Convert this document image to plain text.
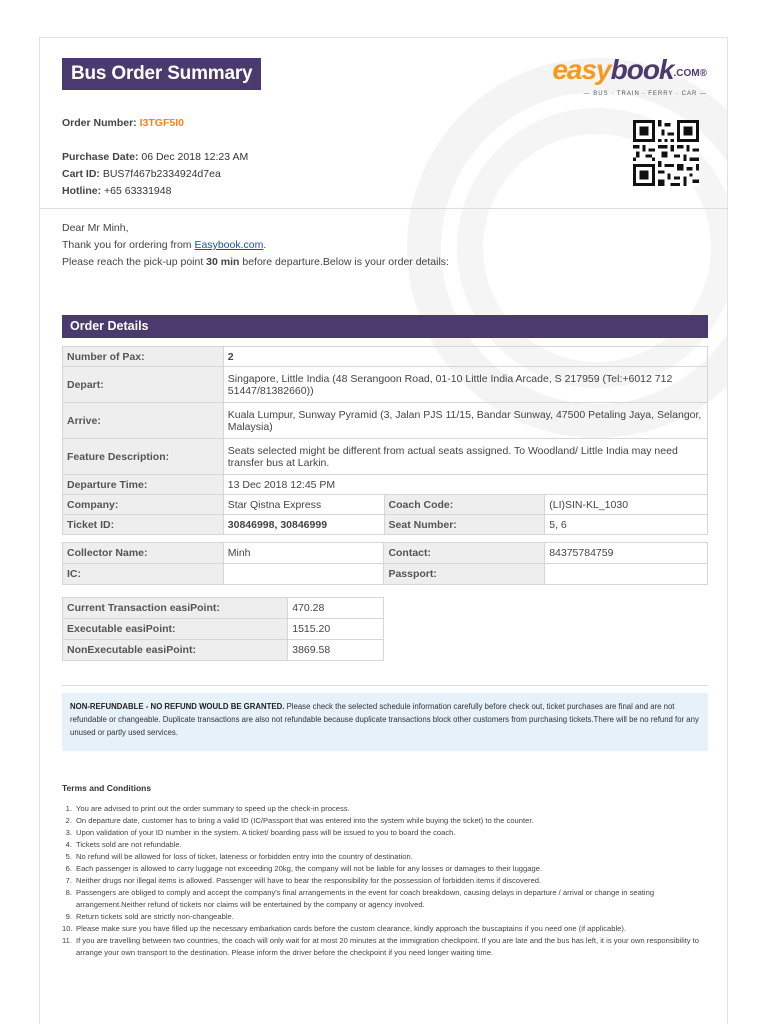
Bus Order Summary	easybook.COM®
— BUS · TRAIN · FERRY · CAR —
Order Number: I3TGF5I0
Purchase Date: 06 Dec 2018 12:23 AM
Cart ID: BUS7f467b2334924d7ea
Hotline: +65 63331948
Dear Mr Minh,
Thank you for ordering from Easybook.com.
Please reach the pick-up point 30 min before departure.Below is your order details:
Order Details
Number of Pax:	2		
Depart:	Singapore, Little India (48 Serangoon Road, 01-10 Little India Arcade, S 217959 (Tel:+6012 712 51447/81382660))		
Arrive:	Kuala Lumpur, Sunway Pyramid (3, Jalan PJS 11/15, Bandar Sunway, 47500 Petaling Jaya, Selangor, Malaysia)		
Feature Description:	Seats selected might be different from actual seats assigned. To Woodland/ Little India may need transfer bus at Larkin.		
Departure Time:	13 Dec 2018 12:45 PM		
Company:	Star Qistna Express	Coach Code:	(LI)SIN-KL_1030
Ticket ID:	30846998, 30846999	Seat Number:	5, 6
Collector Name:	Minh	Contact:	84375784759
IC:		Passport:	
Current Transaction easiPoint:	470.28
Executable easiPoint:	1515.20
NonExecutable easiPoint:	3869.58
NON-REFUNDABLE - NO REFUND WOULD BE GRANTED. Please check the selected schedule information carefully before check out, ticket purchases are final and are not refundable or changeable. Duplicate transactions are also not refundable because duplicate transactions block other customers from purchasing tickets.There will be no refund for any unused or partly used services.
Terms and Conditions
1. You are advised to print out the order summary to speed up the check-in process.
2. On departure date, customer has to bring a valid ID (IC/Passport that was entered into the system while buying the ticket) to the counter.
3. Upon validation of your ID number in the system. A ticket/ boarding pass will be issued to you to board the coach.
4. Tickets sold are not refundable.
5. No refund will be allowed for loss of ticket, lateness or forbidden entry into the country of destination.
6. Each passenger is allowed to carry luggage not exceeding 20kg, the company will not be liable for any losses or damages to their luggage.
7. Neither drugs nor illegal items is allowed. Passenger will have to bear the responsibility for the possession of forbidden items if discovered.
8. Passengers are obliged to comply and accept the company's final arrangements in the event for coach breakdown, causing delays in departure / arrival or change in seating arrangement.Neither refund of tickets nor claims will be entertained by the company or agency involved.
9. Return tickets sold are strictly non-changeable.
10. Please make sure you have filled up the necessary embarkation cards before the custom clearance, kindly approach the buscaptains if you need one (if applicable).
11. If you are travelling between two countries, the coach will only wait for at most 20 minutes at the immigration checkpoint. If you are late and the bus has left, it is your own responsibility to arrange your own transport to the destination. Please inform the driver before the checkpoint if you need longer waiting time.
